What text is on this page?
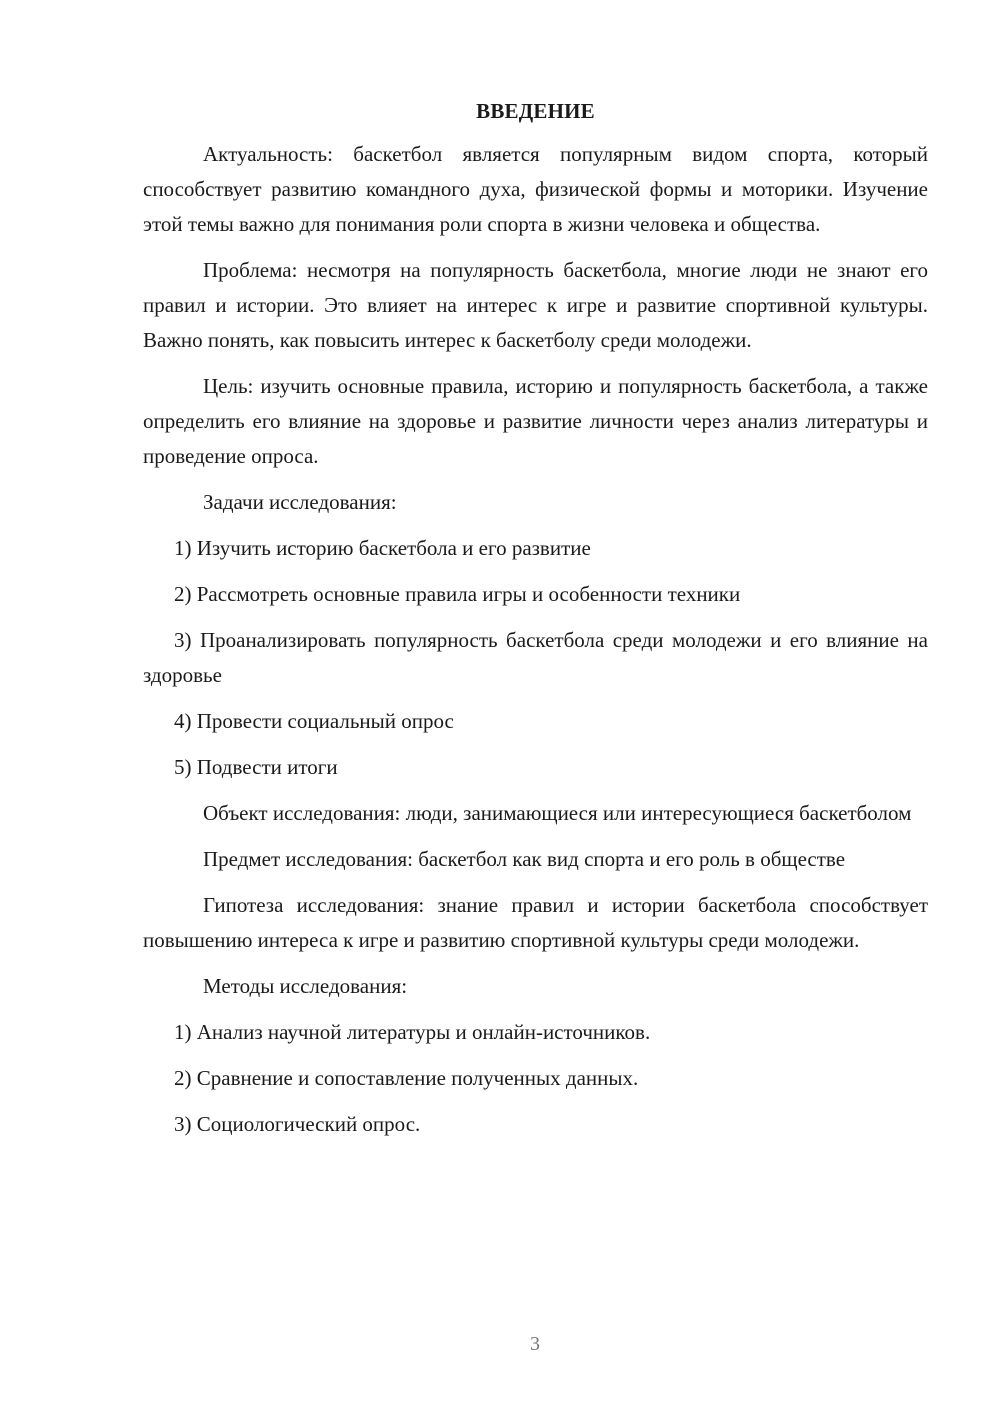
ВВЕДЕНИЕ

Актуальность: баскетбол является популярным видом спорта, который способствует развитию командного духа, физической формы и моторики. Изучение этой темы важно для понимания роли спорта в жизни человека и общества.

Проблема: несмотря на популярность баскетбола, многие люди не знают его правил и истории. Это влияет на интерес к игре и развитие спортивной культуры. Важно понять, как повысить интерес к баскетболу среди молодежи.

Цель: изучить основные правила, историю и популярность баскетбола, а также определить его влияние на здоровье и развитие личности через анализ литературы и проведение опроса.

Задачи исследования:

1) Изучить историю баскетбола и его развитие

2) Рассмотреть основные правила игры и особенности техники

3) Проанализировать популярность баскетбола среди молодежи и его влияние на здоровье

4) Провести социальный опрос

5) Подвести итоги

Объект исследования: люди, занимающиеся или интересующиеся баскетболом

Предмет исследования: баскетбол как вид спорта и его роль в обществе

Гипотеза исследования: знание правил и истории баскетбола способствует повышению интереса к игре и развитию спортивной культуры среди молодежи.

Методы исследования:

1) Анализ научной литературы и онлайн-источников.

2) Сравнение и сопоставление полученных данных.

3) Социологический опрос.

3
